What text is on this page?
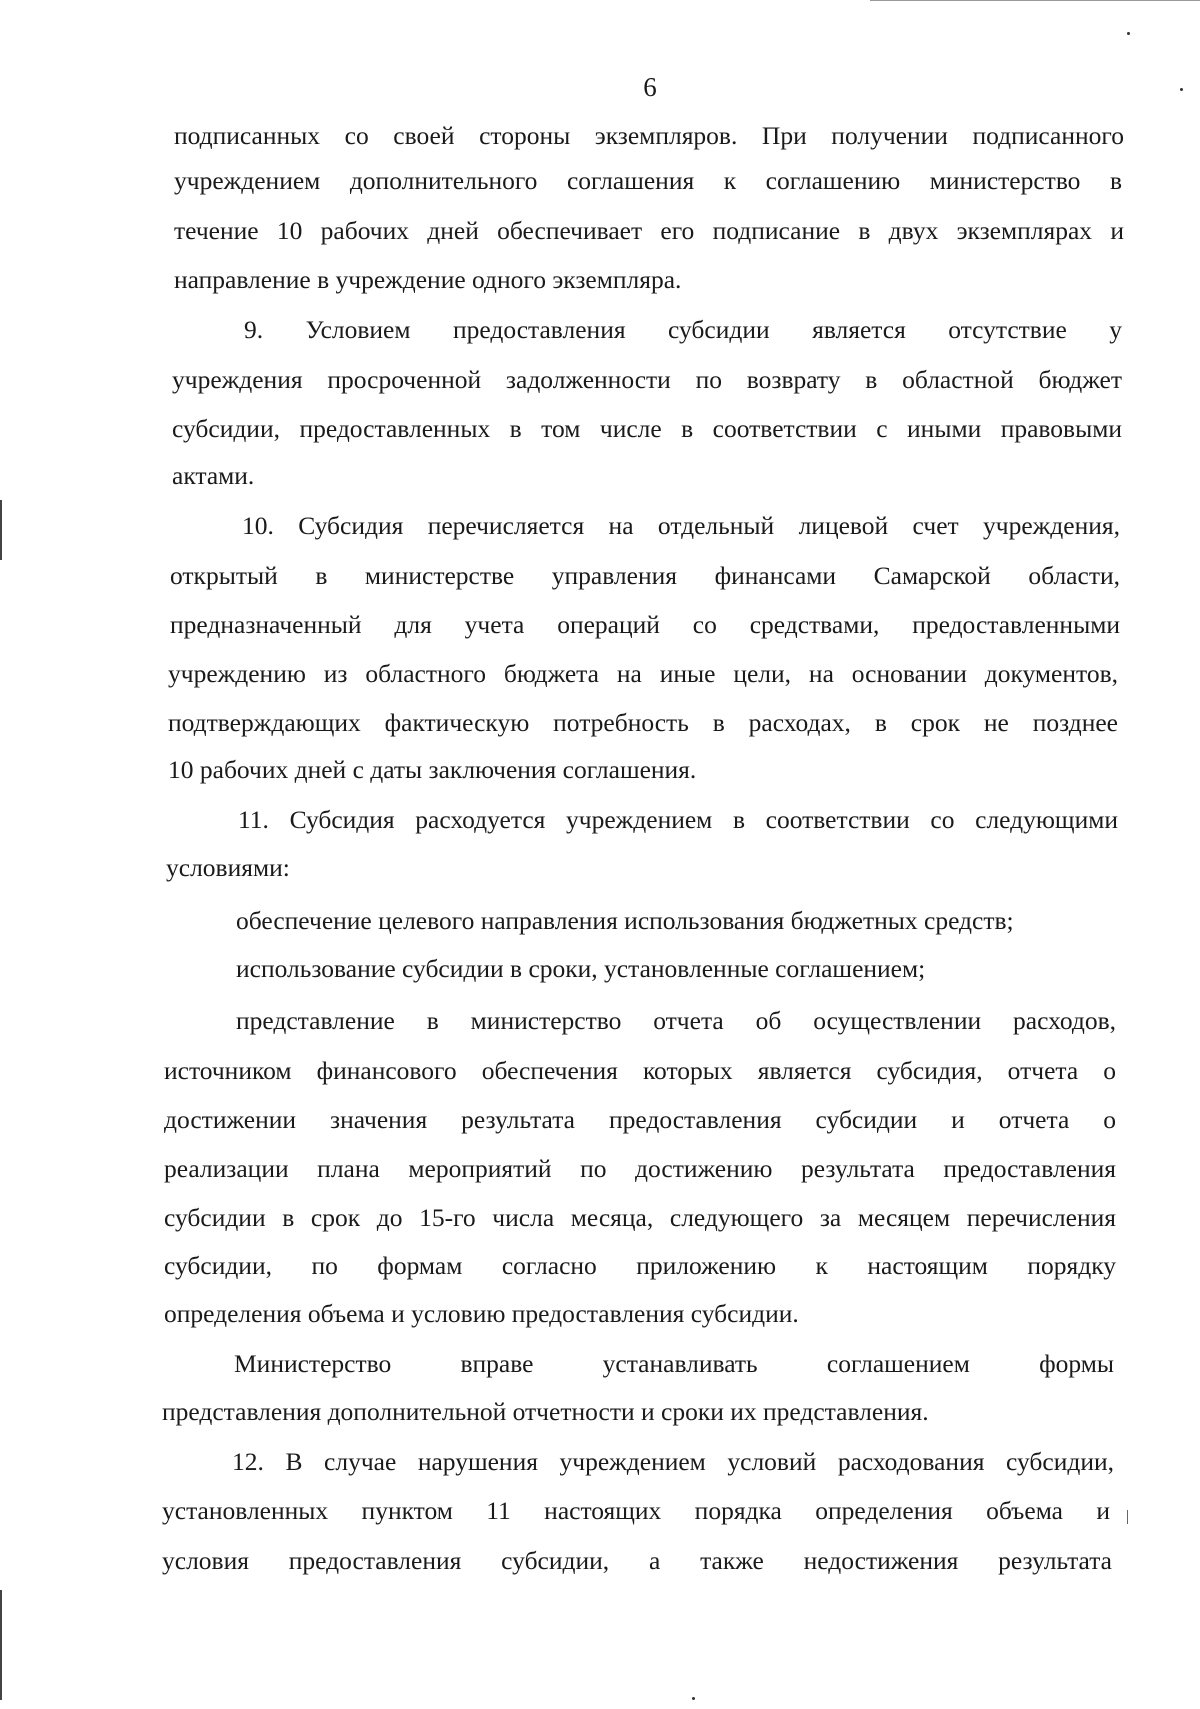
6
подписанных со своей стороны экземпляров. При получении подписанного
учреждением дополнительного соглашения к соглашению министерство в
течение 10 рабочих дней обеспечивает его подписание в двух экземплярах и
направление в учреждение одного экземпляра.
9. Условием предоставления субсидии является отсутствие у
учреждения просроченной задолженности по возврату в областной бюджет
субсидии, предоставленных в том числе в соответствии с иными правовыми
актами.
10. Субсидия перечисляется на отдельный лицевой счет учреждения,
открытый в министерстве управления финансами Самарской области,
предназначенный для учета операций со средствами, предоставленными
учреждению из областного бюджета на иные цели, на основании документов,
подтверждающих фактическую потребность в расходах, в срок не позднее
10 рабочих дней с даты заключения соглашения.
11. Субсидия расходуется учреждением в соответствии со следующими
условиями:
обеспечение целевого направления использования бюджетных средств;
использование субсидии в сроки, установленные соглашением;
представление в министерство отчета об осуществлении расходов,
источником финансового обеспечения которых является субсидия, отчета о
достижении значения результата предоставления субсидии и отчета о
реализации плана мероприятий по достижению результата предоставления
субсидии в срок до 15-го числа месяца, следующего за месяцем перечисления
субсидии, по формам согласно приложению к настоящим порядку
определения объема и условию предоставления субсидии.
Министерство вправе устанавливать соглашением формы
представления дополнительной отчетности и сроки их представления.
12. В случае нарушения учреждением условий расходования субсидии,
установленных пунктом 11 настоящих порядка определения объема и
условия предоставления субсидии, а также недостижения результата
